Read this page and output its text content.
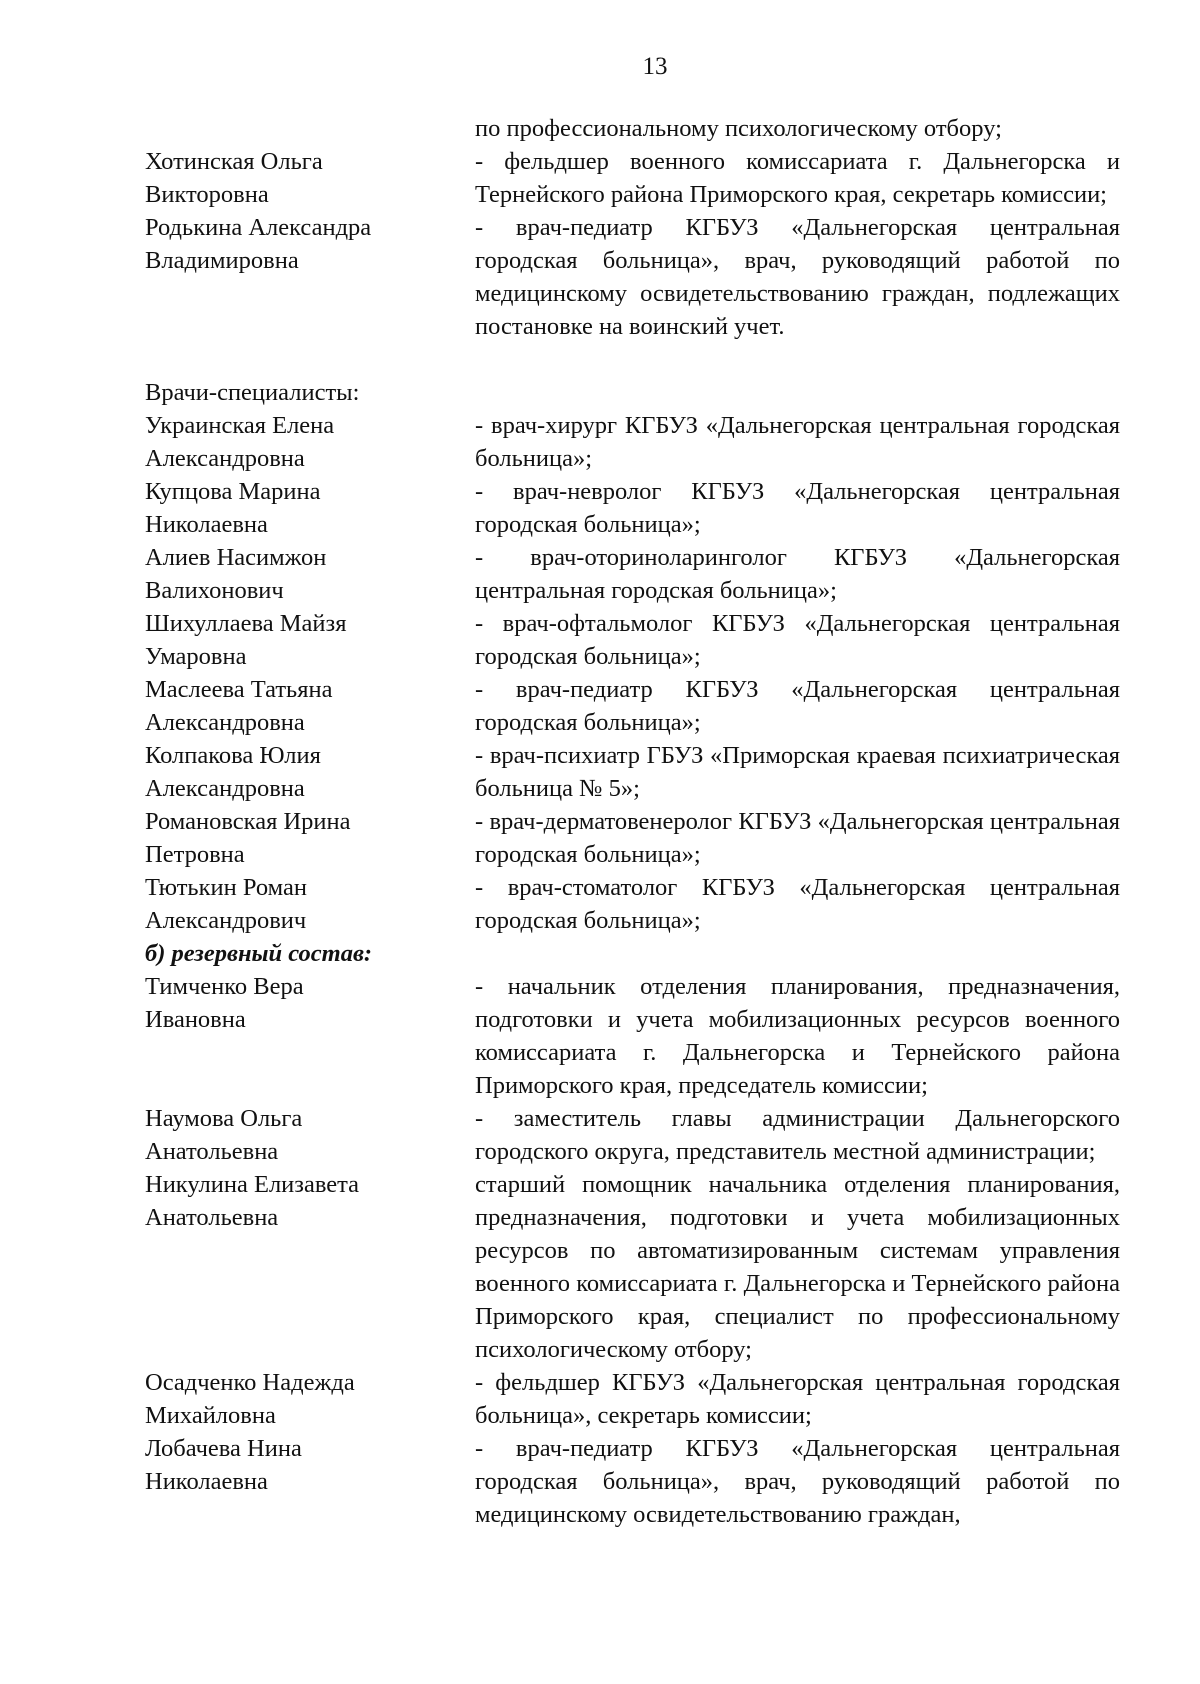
13
по профессиональному психологическому отбору;
Хотинская Ольга
Викторовна
- фельдшер военного комиссариата г. Дальнегорска и Тернейского района Приморского края, секретарь комиссии;
Родькина Александра
Владимировна
- врач-педиатр КГБУЗ «Дальнегорская центральная городская больница», врач, руководящий работой по медицинскому освидетельствованию граждан, подлежащих постановке на воинский учет.
Врачи-специалисты:
Украинская Елена
Александровна
- врач-хирург КГБУЗ «Дальнегорская центральная городская больница»;
Купцова Марина
Николаевна
- врач-невролог КГБУЗ «Дальнегорская центральная городская больница»;
Алиев Насимжон
Валихонович
- врач-оториноларинголог КГБУЗ «Дальнегорская центральная городская больница»;
Шихуллаева Майзя
Умаровна
- врач-офтальмолог КГБУЗ «Дальнегорская центральная городская больница»;
Маслеева Татьяна
Александровна
- врач-педиатр КГБУЗ «Дальнегорская центральная городская больница»;
Колпакова Юлия
Александровна
- врач-психиатр ГБУЗ «Приморская краевая психиатрическая больница № 5»;
Романовская Ирина
Петровна
- врач-дерматовенеролог КГБУЗ «Дальнегорская центральная городская больница»;
Тютькин Роман
Александрович
- врач-стоматолог КГБУЗ «Дальнегорская центральная городская больница»;
б) резервный состав:
Тимченко Вера
Ивановна
- начальник отделения планирования, предназначения, подготовки и учета мобилизационных ресурсов военного комиссариата г. Дальнегорска и Тернейского района Приморского края, председатель комиссии;
Наумова Ольга
Анатольевна
- заместитель главы администрации Дальнегорского городского округа, представитель местной администрации;
Никулина Елизавета
Анатольевна
старший помощник начальника отделения планирования, предназначения, подготовки и учета мобилизационных ресурсов по автоматизированным системам управления военного комиссариата г. Дальнегорска и Тернейского района Приморского края, специалист по профессиональному психологическому отбору;
Осадченко Надежда
Михайловна
- фельдшер КГБУЗ «Дальнегорская центральная городская больница», секретарь комиссии;
Лобачева Нина
Николаевна
- врач-педиатр КГБУЗ «Дальнегорская центральная городская больница», врач, руководящий работой по медицинскому освидетельствованию граждан,
